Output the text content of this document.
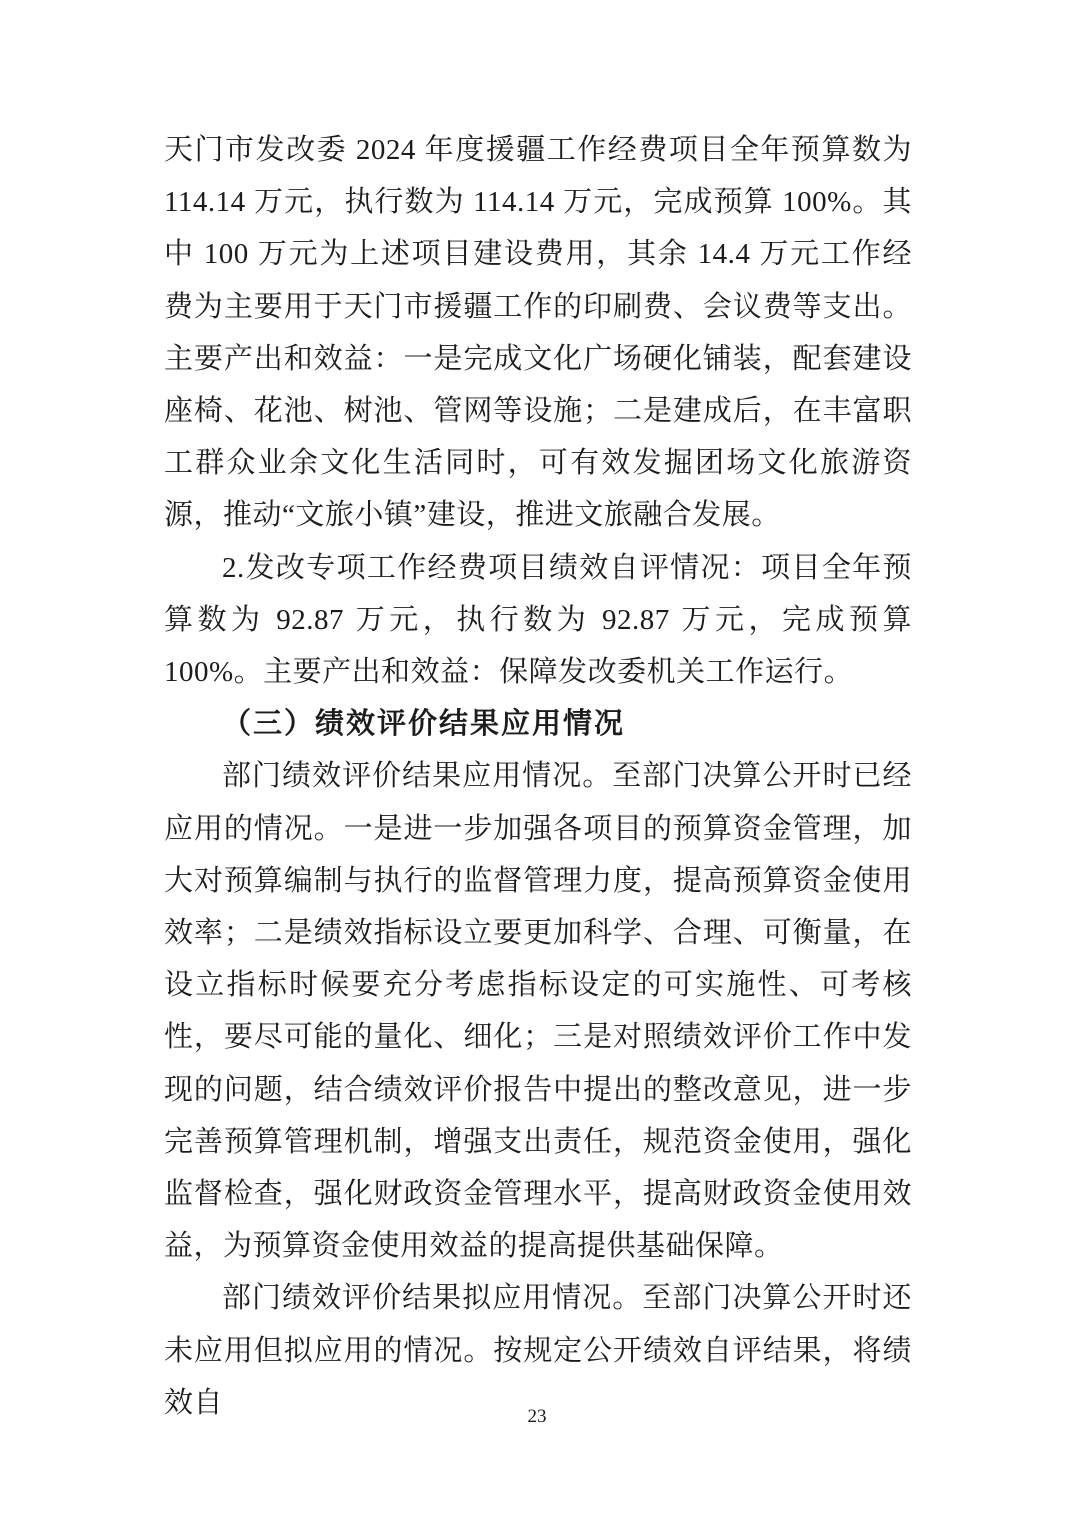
天门市发改委 2024 年度援疆工作经费项目全年预算数为 114.14 万元，执行数为 114.14 万元，完成预算 100%。其中 100 万元为上述项目建设费用，其余 14.4 万元工作经费为主要用于天门市援疆工作的印刷费、会议费等支出。主要产出和效益：一是完成文化广场硬化铺装，配套建设座椅、花池、树池、管网等设施；二是建成后，在丰富职工群众业余文化生活同时，可有效发掘团场文化旅游资源，推动“文旅小镇”建设，推进文旅融合发展。

2.发改专项工作经费项目绩效自评情况：项目全年预算数为 92.87 万元，执行数为 92.87 万元，完成预算 100%。主要产出和效益：保障发改委机关工作运行。

（三）绩效评价结果应用情况

部门绩效评价结果应用情况。至部门决算公开时已经应用的情况。一是进一步加强各项目的预算资金管理，加大对预算编制与执行的监督管理力度，提高预算资金使用效率；二是绩效指标设立要更加科学、合理、可衡量，在设立指标时候要充分考虑指标设定的可实施性、可考核性，要尽可能的量化、细化；三是对照绩效评价工作中发现的问题，结合绩效评价报告中提出的整改意见，进一步完善预算管理机制，增强支出责任，规范资金使用，强化监督检查，强化财政资金管理水平，提高财政资金使用效益，为预算资金使用效益的提高提供基础保障。

部门绩效评价结果拟应用情况。至部门决算公开时还未应用但拟应用的情况。按规定公开绩效自评结果，将绩效自	23
